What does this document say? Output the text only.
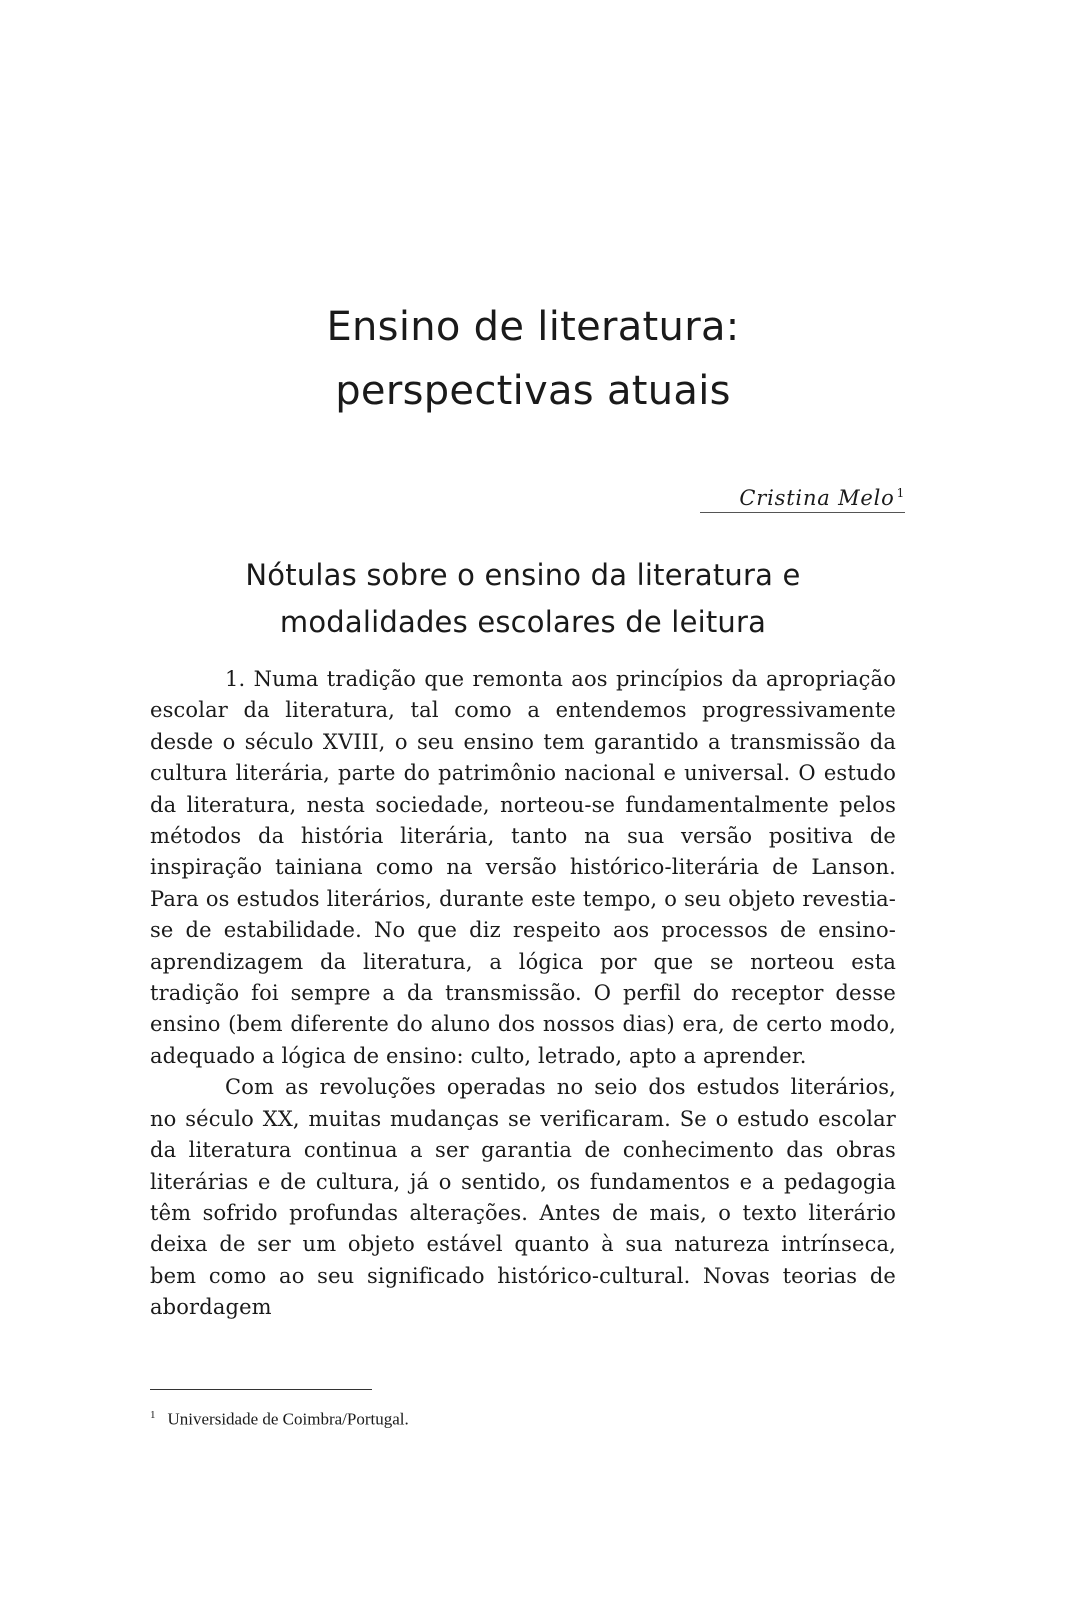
Ensino de literatura:
perspectivas atuais
Cristina Melo $^1$
Nótulas sobre o ensino da literatura e
modalidades escolares de leitura

1. Numa tradição que remonta aos princípios da apropriação escolar da literatura, tal como a entendemos progressivamente desde o século XVIII, o seu ensino tem garantido a transmissão da cultura literária, parte do patrimônio nacional e universal. O estudo da literatura, nesta sociedade, norteou-se fundamentalmente pelos métodos da história literária, tanto na sua versão positiva de inspiração tainiana como na versão histórico-literária de Lanson. Para os estudos literários, durante este tempo, o seu objeto revestia-se de estabilidade. No que diz respeito aos processos de ensino-aprendizagem da literatura, a lógica por que se norteou esta tradição foi sempre a da transmissão. O perfil do receptor desse ensino (bem diferente do aluno dos nossos dias) era, de certo modo, adequado a lógica de ensino: culto, letrado, apto a aprender.

Com as revoluções operadas no seio dos estudos literários, no século XX, muitas mudanças se verificaram. Se o estudo escolar da literatura continua a ser garantia de conhecimento das obras literárias e de cultura, já o sentido, os fundamentos e a pedagogia têm sofrido profundas alterações. Antes de mais, o texto literário deixa de ser um objeto estável quanto à sua natureza intrínseca, bem como ao seu significado histórico-cultural. Novas teorias de abordagem

$^1$ Universidade de Coimbra/Portugal.
